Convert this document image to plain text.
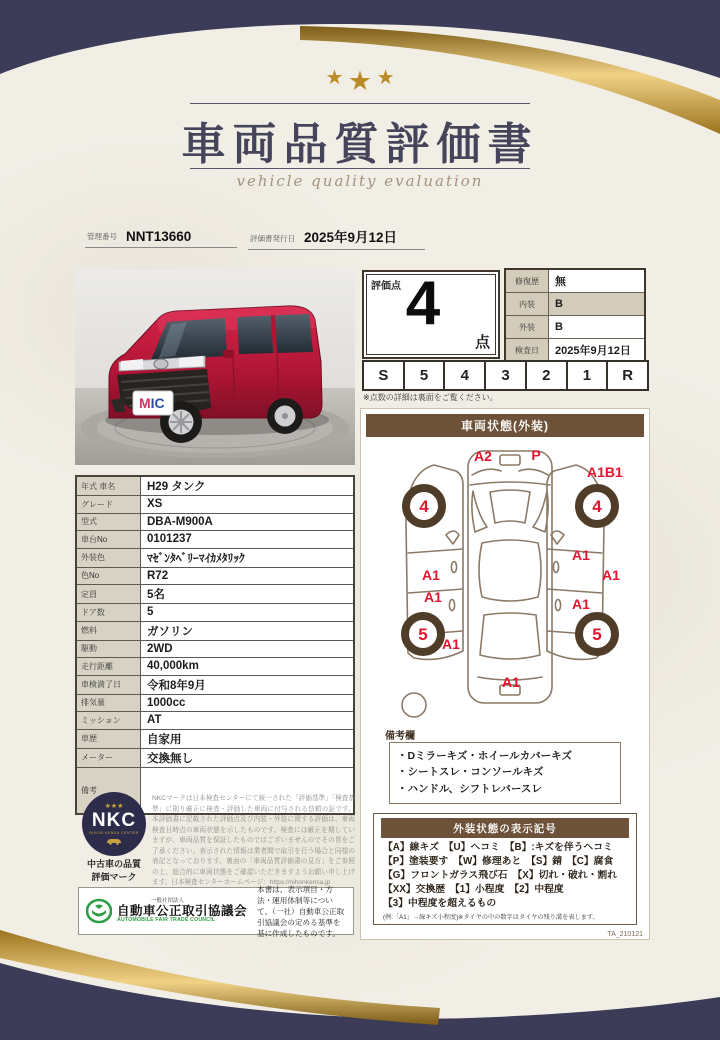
★ ★ ★
車両品質評価書
vehicle quality evaluation
管理番号 NNT13660	評価書発行日 2025年9月12日
MIC
評価点 4
点
修復歴	無
内装	B
外装	B
検査日	2025年9月12日
S	5	4	3	2	1	R
※点数の詳細は裏面をご覧ください。
年式 車名	H29 タンク
グレード	XS
型式	DBA-M900A
車台No	0101237
外装色	ﾏｾﾞﾝﾀﾍﾞﾘｰﾏｲｶﾒﾀﾘｯｸ
色No	R72
定員	5名
ドア数	5
燃料	ガソリン
駆動	2WD
走行距離	40,000km
車検満了日	令和8年9月
排気量	1000cc
ミッション	AT
車歴	自家用
メーター	交換無し
備考	
★★★
NKC
NIHON KENSA CENTER
中古車の品質
評価マーク
NKCマークは日本検査センターにて統一された「評価基準」「検査基準」に則り厳正に検査・評価した車両に付与される信頼の証です。本評価書に記載された評価点及び内装・外装に関する評価は、車両検査日時点の車両状態を示したものです。検査には厳正を期していますが、車両品質を保証したものではございませんのでその旨をご了承ください。表示された情報は業者間で取引を行う場合と同様の表記となっております。裏面の「車両品質評価書の見方」をご参照の上、総合的に車両状態をご確認いただきますようお願い申し上げます。日本検査センターホームページ：https://nihonkensa.jp
一般社団法人
自動車公正取引協議会
AUTOMOBILE FAIR TRADE COUNCIL
本書は、表示項目・方法・運用体制等について、（一社）自動車公正取引協議会の定める基準を基に作成したものです。
車両状態(外装)
4	4
5	5
A2	P
A1B1
A1
A1
A1
A1
A1
A1
A1
備考欄
・Dミラーキズ・ホイールカバーキズ
・シートスレ・コンソールキズ
・ハンドル、シフトレバースレ
外装状態の表示記号
【A】線キズ　【U】ヘコミ　【B】:キズを伴うヘコミ
【P】塗装要す　【W】修理あと　【S】錆　【C】腐食
【G】フロントガラス飛び石　【X】切れ・破れ・割れ
【XX】交換歴　【1】小程度　【2】中程度
【3】中程度を超えるもの
(例:「A1」→線キズ小程度)※タイヤの中の数字はタイヤの残り溝を表します。
TA_210121
